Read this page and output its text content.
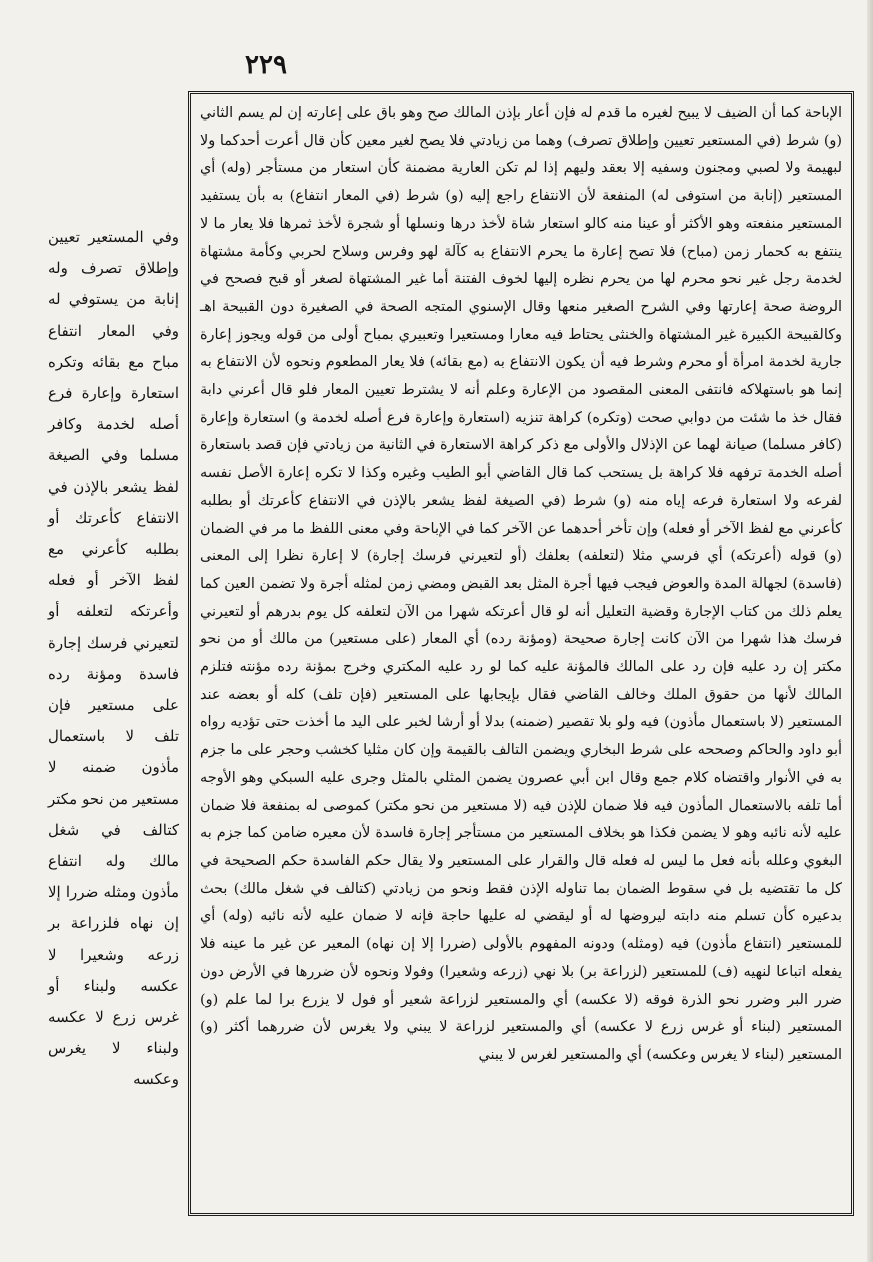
٢٢٩

وفي المستعير تعيين وإطلاق تصرف وله إنابة من يستوفي له وفي المعار انتفاع مباح مع بقائه وتكره استعارة وإعارة فرع أصله لخدمة وكافر مسلما وفي الصيغة لفظ يشعر بالإذن في الانتفاع كأعرتك أو بطلبه كأعرني مع لفظ الآخر أو فعله وأعرتكه لتعلفه أو لتعيرني فرسك إجارة فاسدة ومؤنة رده على مستعير فإن تلف لا باستعمال مأذون ضمنه لا مستعير من نحو مكتر كتالف في شغل مالك وله انتفاع مأذون ومثله ضررا إلا إن نهاه فلزراعة بر زرعه وشعيرا لا عكسه ولبناء أو غرس زرع لا عكسه ولبناء لا يغرس وعكسه

الإباحة كما أن الضيف لا يبيح لغيره ما قدم له فإن أعار بإذن المالك صح وهو باق على إعارته إن لم يسم الثاني (و) شرط (في المستعير تعيين وإطلاق تصرف) وهما من زيادتي فلا يصح لغير معين كأن قال أعرت أحدكما ولا لبهيمة ولا لصبي ومجنون وسفيه إلا بعقد وليهم إذا لم تكن العارية مضمنة كأن استعار من مستأجر (وله) أي المستعير (إنابة من استوفى له) المنفعة لأن الانتفاع راجع إليه (و) شرط (في المعار انتفاع) به بأن يستفيد المستعير منفعته وهو الأكثر أو عينا منه كالو استعار شاة لأخذ درها ونسلها أو شجرة لأخذ ثمرها فلا يعار ما لا ينتفع به كحمار زمن (مباح) فلا تصح إعارة ما يحرم الانتفاع به كآلة لهو وفرس وسلاح لحربي وكأمة مشتهاة لخدمة رجل غير نحو محرم لها من يحرم نظره إليها لخوف الفتنة أما غير المشتهاة لصغر أو قبح فصحح في الروضة صحة إعارتها وفي الشرح الصغير منعها وقال الإسنوي المتجه الصحة في الصغيرة دون القبيحة اهـ وكالقبيحة الكبيرة غير المشتهاة والخنثى يحتاط فيه معارا ومستعيرا وتعبيري بمباح أولى من قوله ويجوز إعارة جارية لخدمة امرأة أو محرم وشرط فيه أن يكون الانتفاع به (مع بقائه) فلا يعار المطعوم ونحوه لأن الانتفاع به إنما هو باستهلاكه فانتفى المعنى المقصود من الإعارة وعلم أنه لا يشترط تعيين المعار فلو قال أعرني دابة فقال خذ ما شئت من دوابي صحت (وتكره) كراهة تنزيه (استعارة وإعارة فرع أصله لخدمة و) استعارة وإعارة (كافر مسلما) صيانة لهما عن الإذلال والأولى مع ذكر كراهة الاستعارة في الثانية من زيادتي فإن قصد باستعارة أصله الخدمة ترفهه فلا كراهة بل يستحب كما قال القاضي أبو الطيب وغيره وكذا لا تكره إعارة الأصل نفسه لفرعه ولا استعارة فرعه إياه منه (و) شرط (في الصيغة لفظ يشعر بالإذن في الانتفاع كأعرتك أو بطلبه كأعرني مع لفظ الآخر أو فعله) وإن تأخر أحدهما عن الآخر كما في الإباحة وفي معنى اللفظ ما مر في الضمان (و) قوله (أعرتكه) أي فرسي مثلا (لتعلفه) بعلفك (أو لتعيرني فرسك إجارة) لا إعارة نظرا إلى المعنى (فاسدة) لجهالة المدة والعوض فيجب فيها أجرة المثل بعد القبض ومضي زمن لمثله أجرة ولا تضمن العين كما يعلم ذلك من كتاب الإجارة وقضية التعليل أنه لو قال أعرتكه شهرا من الآن لتعلفه كل يوم بدرهم أو لتعيرني فرسك هذا شهرا من الآن كانت إجارة صحيحة (ومؤنة رده) أي المعار (على مستعير) من مالك أو من نحو مكتر إن رد عليه فإن رد على المالك فالمؤنة عليه كما لو رد عليه المكتري وخرج بمؤنة رده مؤنته فتلزم المالك لأنها من حقوق الملك وخالف القاضي فقال بإيجابها على المستعير (فإن تلف) كله أو بعضه عند المستعير (لا باستعمال مأذون) فيه ولو بلا تقصير (ضمنه) بدلا أو أرشا لخبر على اليد ما أخذت حتى تؤديه رواه أبو داود والحاكم وصححه على شرط البخاري ويضمن التالف بالقيمة وإن كان مثليا كخشب وحجر على ما جزم به في الأنوار واقتضاه كلام جمع وقال ابن أبي عصرون يضمن المثلي بالمثل وجرى عليه السبكي وهو الأوجه أما تلفه بالاستعمال المأذون فيه فلا ضمان للإذن فيه (لا مستعير من نحو مكتر) كموصى له بمنفعة فلا ضمان عليه لأنه نائبه وهو لا يضمن فكذا هو بخلاف المستعير من مستأجر إجارة فاسدة لأن معيره ضامن كما جزم به البغوي وعلله بأنه فعل ما ليس له فعله قال والقرار على المستعير ولا يقال حكم الفاسدة حكم الصحيحة في كل ما تقتضيه بل في سقوط الضمان بما تناوله الإذن فقط ونحو من زيادتي (كتالف في شغل مالك) بحث بدعيره كأن تسلم منه دابته ليروضها له أو ليقضي له عليها حاجة فإنه لا ضمان عليه لأنه نائبه (وله) أي للمستعير (انتفاع مأذون) فيه (ومثله) ودونه المفهوم بالأولى (ضررا إلا إن نهاه) المعير عن غير ما عينه فلا يفعله اتباعا لنهيه (ف) للمستعير (لزراعة بر) بلا نهي (زرعه وشعيرا) وفولا ونحوه لأن ضررها في الأرض دون ضرر البر وضرر نحو الذرة فوقه (لا عكسه) أي والمستعير لزراعة شعير أو فول لا يزرع برا لما علم (و) المستعير (لبناء أو غرس زرع لا عكسه) أي والمستعير لزراعة لا يبني ولا يغرس لأن ضررهما أكثر (و) المستعير (لبناء لا يغرس وعكسه) أي والمستعير لغرس لا يبني
